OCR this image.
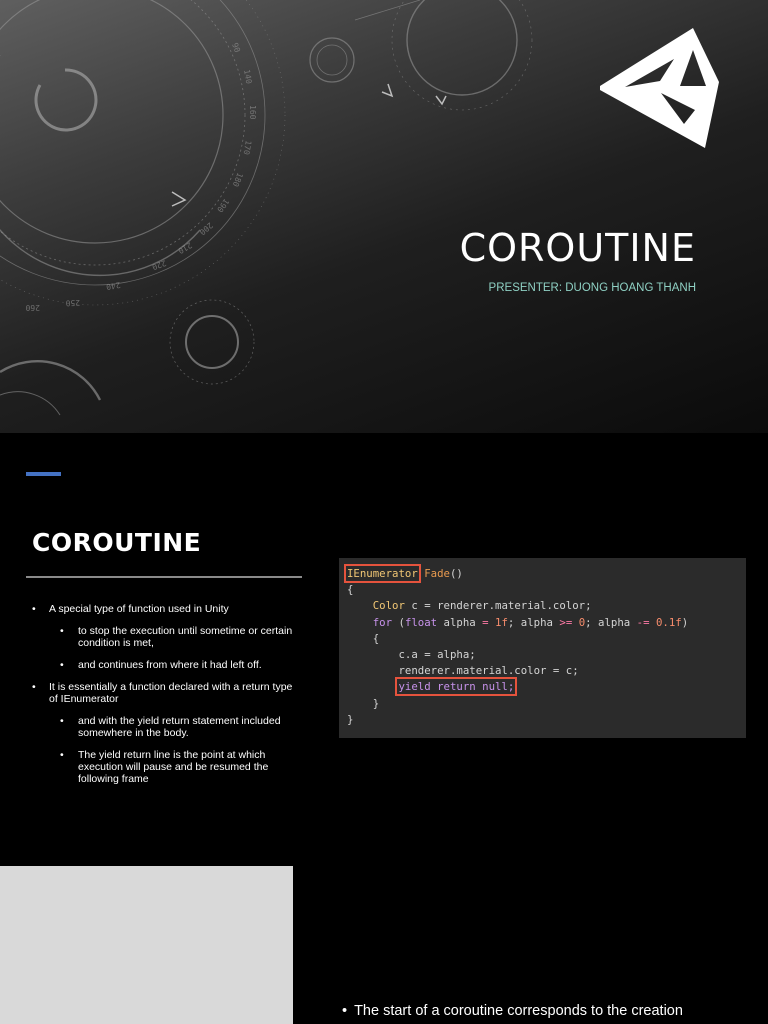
90
140
160
170
180
190
200
210
220
240
250
260
COROUTINE
PRESENTER: DUONG HOANG THANH
COROUTINE
• A special type of function used in Unity
• to stop the execution until sometime or certain condition is met,
• and continues from where it had left off.
• It is essentially a function declared with a return type of IEnumerator
• and with the yield return statement included somewhere in the body.
• The yield return line is the point at which execution will pause and be resumed the following frame
IEnumerator Fade()
{
Color c = renderer.material.color;
for (float alpha = 1f; alpha >= 0; alpha -= 0.1f)
{
c.a = alpha;
renderer.material.color = c;
yield return null;
}
}
• The start of a coroutine corresponds to the creation
